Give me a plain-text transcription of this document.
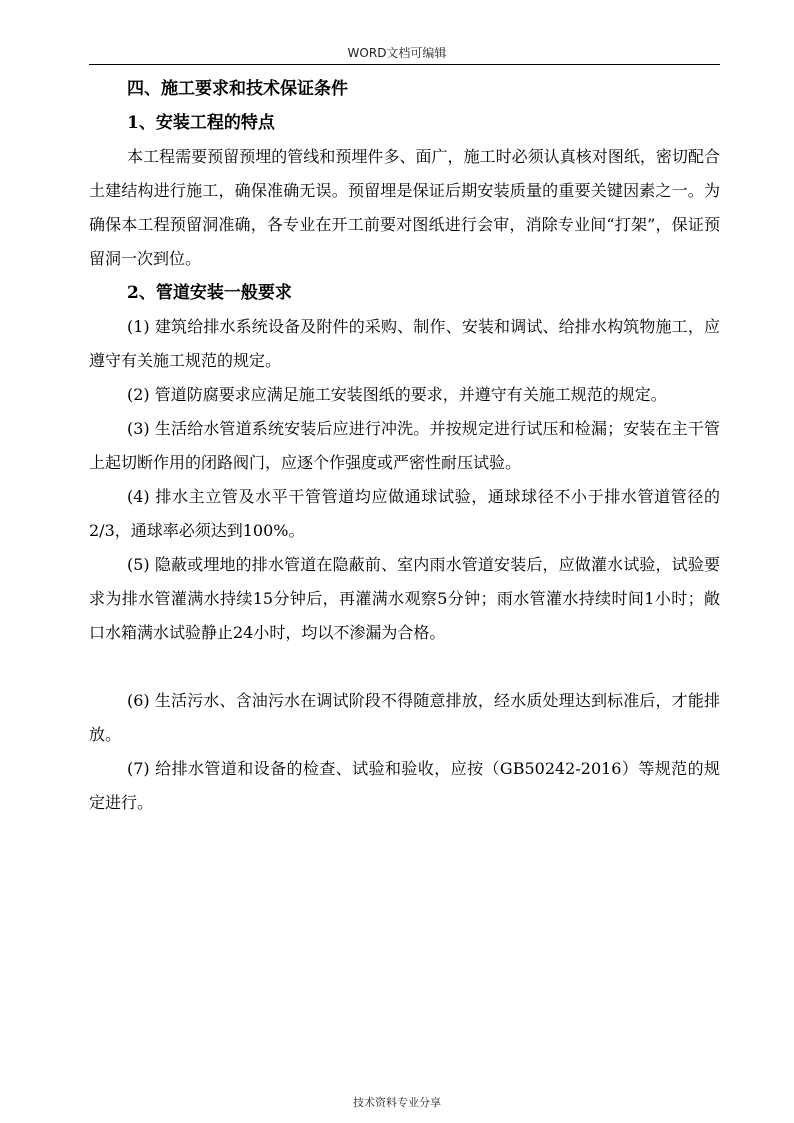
WORD文档可编辑
四、施工要求和技术保证条件
1、安装工程的特点

本工程需要预留预埋的管线和预埋件多、面广，施工时必须认真核对图纸，密切配合土建结构进行施工，确保准确无误。预留埋是保证后期安装质量的重要关键因素之一。为确保本工程预留洞准确，各专业在开工前要对图纸进行会审，消除专业间“打架”，保证预留洞一次到位。

2、管道安装一般要求

(1) 建筑给排水系统设备及附件的采购、制作、安装和调试、给排水构筑物施工，应遵守有关施工规范的规定。

(2) 管道防腐要求应满足施工安装图纸的要求，并遵守有关施工规范的规定。

(3) 生活给水管道系统安装后应进行冲洗。并按规定进行试压和检漏；安装在主干管上起切断作用的闭路阀门，应逐个作强度或严密性耐压试验。

(4) 排水主立管及水平干管管道均应做通球试验，通球球径不小于排水管道管径的2/3，通球率必须达到100%。

(5) 隐蔽或埋地的排水管道在隐蔽前、室内雨水管道安装后，应做灌水试验，试验要求为排水管灌满水持续15分钟后，再灌满水观察5分钟；雨水管灌水持续时间1小时；敞口水箱满水试验静止24小时，均以不渗漏为合格。

(6) 生活污水、含油污水在调试阶段不得随意排放，经水质处理达到标准后，才能排放。

(7) 给排水管道和设备的检查、试验和验收，应按（GB50242-2016）等规范的规定进行。

技术资料专业分享
